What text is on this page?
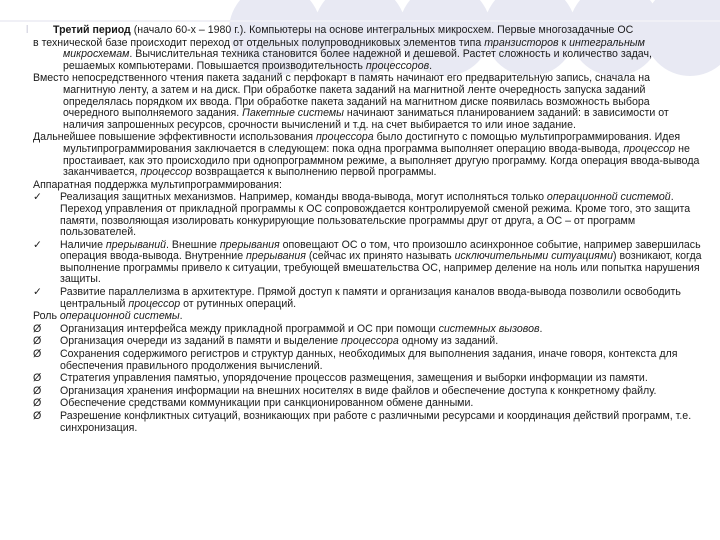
l	Третий период (начало 60-х – 1980 г.). Компьютеры на основе интегральных микросхем. Первые многозадачные ОС

в технической базе происходит переход от отдельных полупроводниковых элементов типа транзисторов к интегральным микросхемам. Вычислительная техника становится более надежной и дешевой. Растет сложность и количество задач, решаемых компьютерами. Повышается производительность процессоров.

Вместо непосредственного чтения пакета заданий с перфокарт в память начинают его предварительную запись, сначала на магнитную ленту, а затем и на диск. При обработке пакета заданий на магнитной ленте очередность запуска заданий определялась порядком их ввода. При обработке пакета заданий на магнитном диске появилась возможность выбора очередного выполняемого задания. Пакетные системы начинают заниматься планированием заданий: в зависимости от наличия запрошенных ресурсов, срочности вычислений и т.д. на счет выбирается то или иное задание.

Дальнейшее повышение эффективности использования процессора было достигнуто с помощью мультипрограммирования. Идея мультипрограммирования заключается в следующем: пока одна программа выполняет операцию ввода-вывода, процессор не простаивает, как это происходило при однопрограммном режиме, а выполняет другую программу. Когда операция ввода-вывода заканчивается, процессор возвращается к выполнению первой программы.

Аппаратная поддержка мультипрограммирования:

✓	Реализация защитных механизмов. Например, команды ввода-вывода, могут исполняться только операционной системой. Переход управления от прикладной программы к ОС сопровождается контролируемой сменой режима. Кроме того, это защита памяти, позволяющая изолировать конкурирующие пользовательские программы друг от друга, а ОС – от программ пользователей.
✓	Наличие прерываний. Внешние прерывания оповещают ОС о том, что произошло асинхронное событие, например завершилась операция ввода-вывода. Внутренние прерывания (сейчас их принято называть исключительными ситуациями) возникают, когда выполнение программы привело к ситуации, требующей вмешательства ОС, например деление на ноль или попытка нарушения защиты.
✓	Развитие параллелизма в архитектуре. Прямой доступ к памяти и организация каналов ввода-вывода позволили освободить центральный процессор от рутинных операций.

Роль операционной системы.

Ø	Организация интерфейса между прикладной программой и ОС при помощи системных вызовов.
Ø	Организация очереди из заданий в памяти и выделение процессора одному из заданий.
Ø	Сохранения содержимого регистров и структур данных, необходимых для выполнения задания, иначе говоря, контекста для обеспечения правильного продолжения вычислений.
Ø	Стратегия управления памятью, упорядочение процессов размещения, замещения и выборки информации из памяти.
Ø	Организация хранения информации на внешних носителях в виде файлов и обеспечение доступа к конкретному файлу.
Ø	Обеспечение средствами коммуникации при санкционированном обмене данными.
Ø	Разрешение конфликтных ситуаций, возникающих при работе с различными ресурсами и координация действий программ, т.е. синхронизация.
